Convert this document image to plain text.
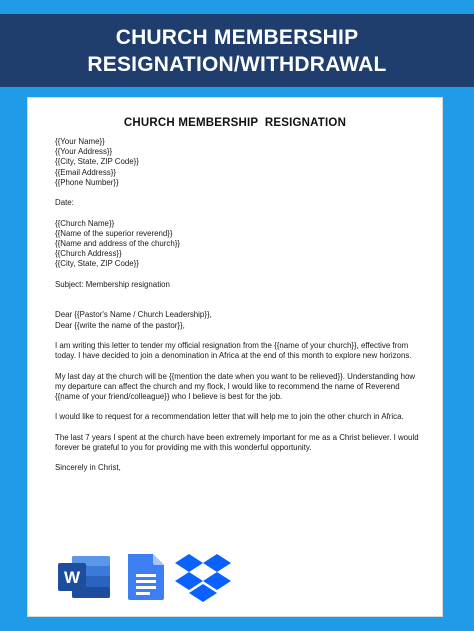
CHURCH MEMBERSHIP
RESIGNATION/WITHDRAWAL
CHURCH MEMBERSHIP  RESIGNATION
{{Your Name}}
{{Your Address}}
{{City, State, ZIP Code}}
{{Email Address}}
{{Phone Number}}
Date:
{{Church Name}}
{{Name of the superior reverend}}
{{Name and address of the church}}
{{Church Address}}
{{City, State, ZIP Code}}
Subject: Membership resignation
Dear {{Pastor's Name / Church Leadership}},
Dear {{write the name of the pastor}},
I am writing this letter to tender my official resignation from the {{name of your church}}, effective from today. I have decided to join a denomination in Africa at the end of this month to explore new horizons.
My last day at the church will be {{mention the date when you want to be relieved}}. Understanding how my departure can affect the church and my flock, I would like to recommend the name of Reverend {{name of your friend/colleague}} who I believe is best for the job.
I would like to request for a recommendation letter that will help me to join the other church in Africa.
The last 7 years I spent at the church have been extremely important for me as a Christ believer. I would forever be grateful to you for providing me with this wonderful opportunity.
Sincerely in Christ,
W
